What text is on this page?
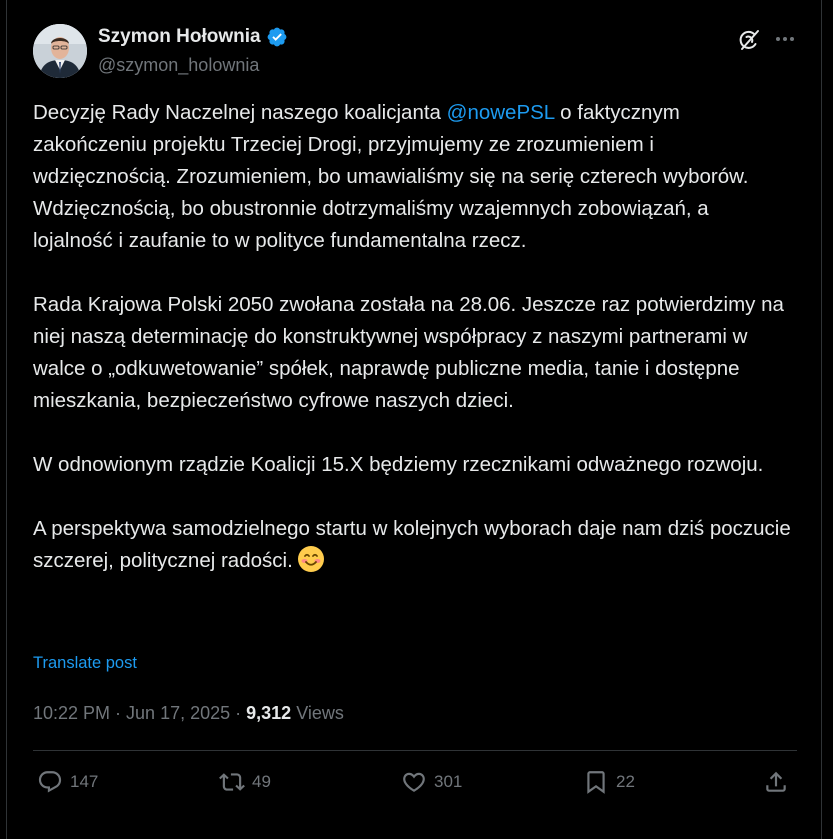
Szymon Hołownia
@szymon_holownia

Decyzję Rady Naczelnej naszego koalicjanta @nowePSL o faktycznym zakończeniu projektu Trzeciej Drogi, przyjmujemy ze zrozumieniem i wdzięcznością. Zrozumieniem, bo umawialiśmy się na serię czterech wyborów. Wdzięcznością, bo obustronnie dotrzymaliśmy wzajemnych zobowiązań, a lojalność i zaufanie to w polityce fundamentalna rzecz.

Rada Krajowa Polski 2050 zwołana została na 28.06. Jeszcze raz potwierdzimy na niej naszą determinację do konstruktywnej współpracy z naszymi partnerami w walce o „odkuwetowanie” spółek, naprawdę publiczne media, tanie i dostępne mieszkania, bezpieczeństwo cyfrowe naszych dzieci.

W odnowionym rządzie Koalicji 15.X będziemy rzecznikami odważnego rozwoju.

A perspektywa samodzielnego startu w kolejnych wyborach daje nam dziś poczucie szczerej, politycznej radości.

Translate post
10:22 PM · Jun 17, 2025 · 9,312 Views
147	49	301	22
